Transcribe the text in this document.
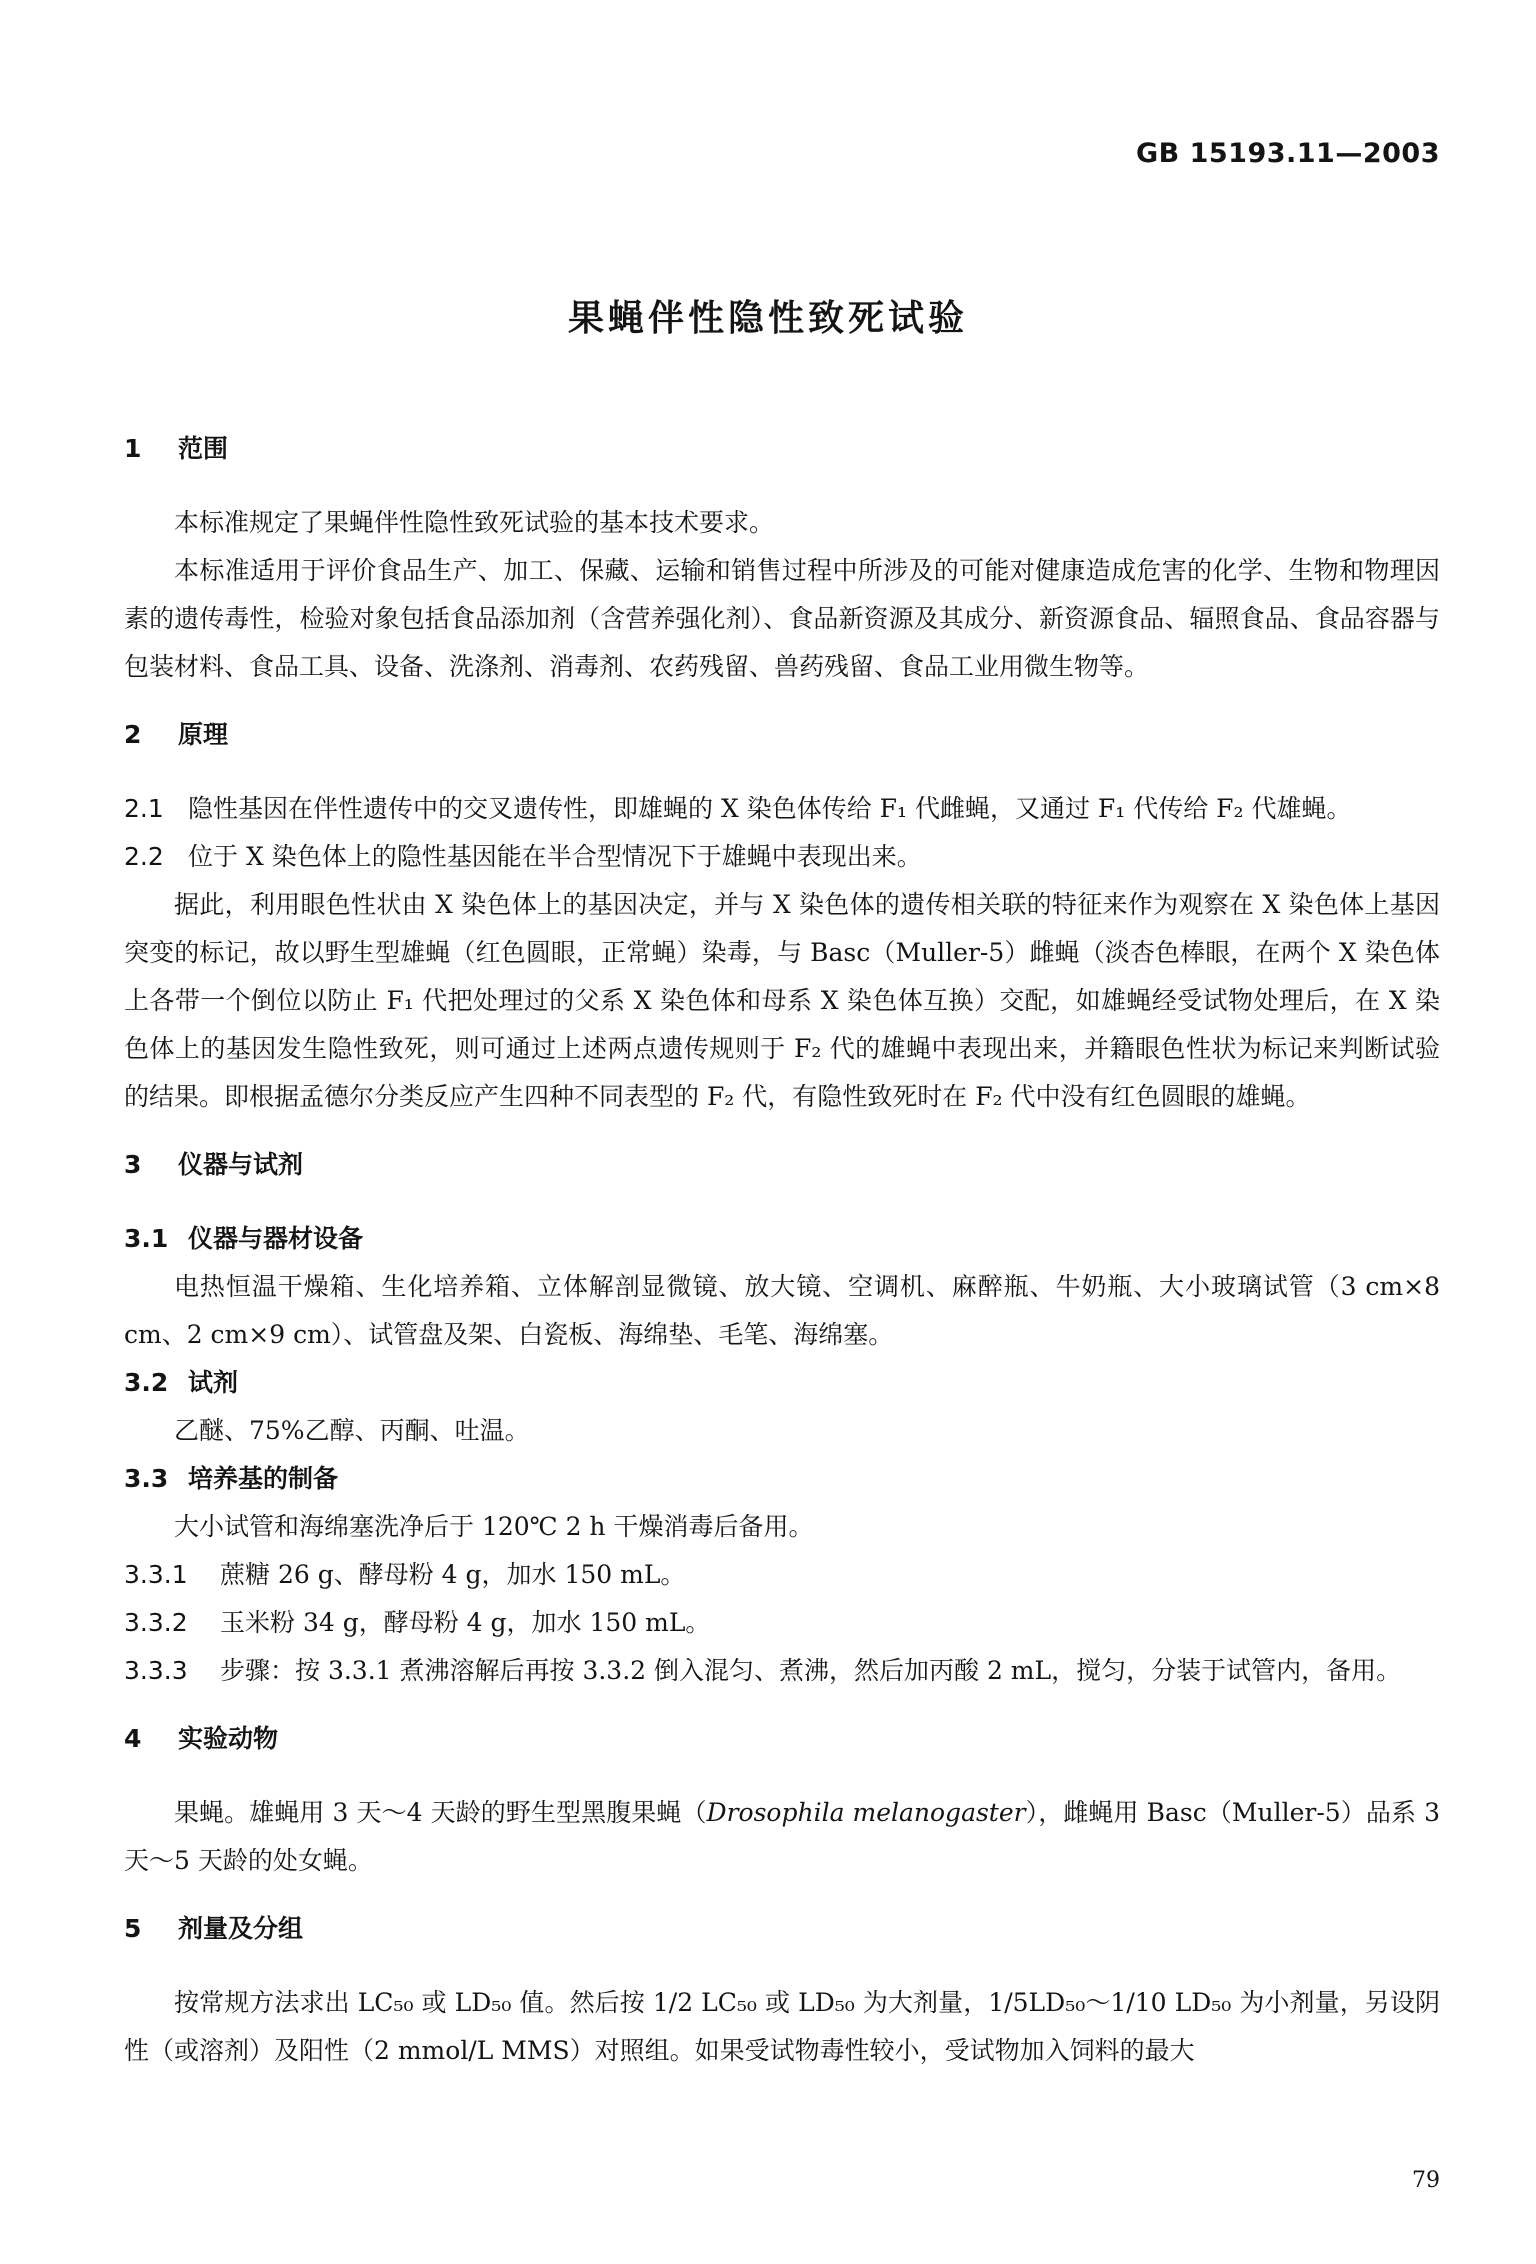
GB 15193.11—2003
果蝇伴性隐性致死试验
1 范围

本标准规定了果蝇伴性隐性致死试验的基本技术要求。

本标准适用于评价食品生产、加工、保藏、运输和销售过程中所涉及的可能对健康造成危害的化学、生物和物理因素的遗传毒性，检验对象包括食品添加剂（含营养强化剂）、食品新资源及其成分、新资源食品、辐照食品、食品容器与包装材料、食品工具、设备、洗涤剂、消毒剂、农药残留、兽药残留、食品工业用微生物等。

2 原理

2.1 隐性基因在伴性遗传中的交叉遗传性，即雄蝇的 X 染色体传给 F₁ 代雌蝇，又通过 F₁ 代传给 F₂ 代雄蝇。

2.2 位于 X 染色体上的隐性基因能在半合型情况下于雄蝇中表现出来。

据此，利用眼色性状由 X 染色体上的基因决定，并与 X 染色体的遗传相关联的特征来作为观察在 X 染色体上基因突变的标记，故以野生型雄蝇（红色圆眼，正常蝇）染毒，与 Basc（Muller-5）雌蝇（淡杏色棒眼，在两个 X 染色体上各带一个倒位以防止 F₁ 代把处理过的父系 X 染色体和母系 X 染色体互换）交配，如雄蝇经受试物处理后，在 X 染色体上的基因发生隐性致死，则可通过上述两点遗传规则于 F₂ 代的雄蝇中表现出来，并籍眼色性状为标记来判断试验的结果。即根据孟德尔分类反应产生四种不同表型的 F₂ 代，有隐性致死时在 F₂ 代中没有红色圆眼的雄蝇。

3 仪器与试剂
3.1 仪器与器材设备

电热恒温干燥箱、生化培养箱、立体解剖显微镜、放大镜、空调机、麻醉瓶、牛奶瓶、大小玻璃试管（3 cm×8 cm、2 cm×9 cm）、试管盘及架、白瓷板、海绵垫、毛笔、海绵塞。

3.2 试剂

乙醚、75%乙醇、丙酮、吐温。

3.3 培养基的制备

大小试管和海绵塞洗净后于 120℃ 2 h 干燥消毒后备用。

3.3.1 蔗糖 26 g、酵母粉 4 g，加水 150 mL。

3.3.2 玉米粉 34 g，酵母粉 4 g，加水 150 mL。

3.3.3 步骤：按 3.3.1 煮沸溶解后再按 3.3.2 倒入混匀、煮沸，然后加丙酸 2 mL，搅匀，分装于试管内，备用。

4 实验动物

果蝇。雄蝇用 3 天～4 天龄的野生型黑腹果蝇（Drosophila melanogaster），雌蝇用 Basc（Muller-5）品系 3 天～5 天龄的处女蝇。

5 剂量及分组

按常规方法求出 LC₅₀ 或 LD₅₀ 值。然后按 1/2 LC₅₀ 或 LD₅₀ 为大剂量，1/5LD₅₀～1/10 LD₅₀ 为小剂量，另设阴性（或溶剂）及阳性（2 mmol/L MMS）对照组。如果受试物毒性较小，受试物加入饲料的最大

79
